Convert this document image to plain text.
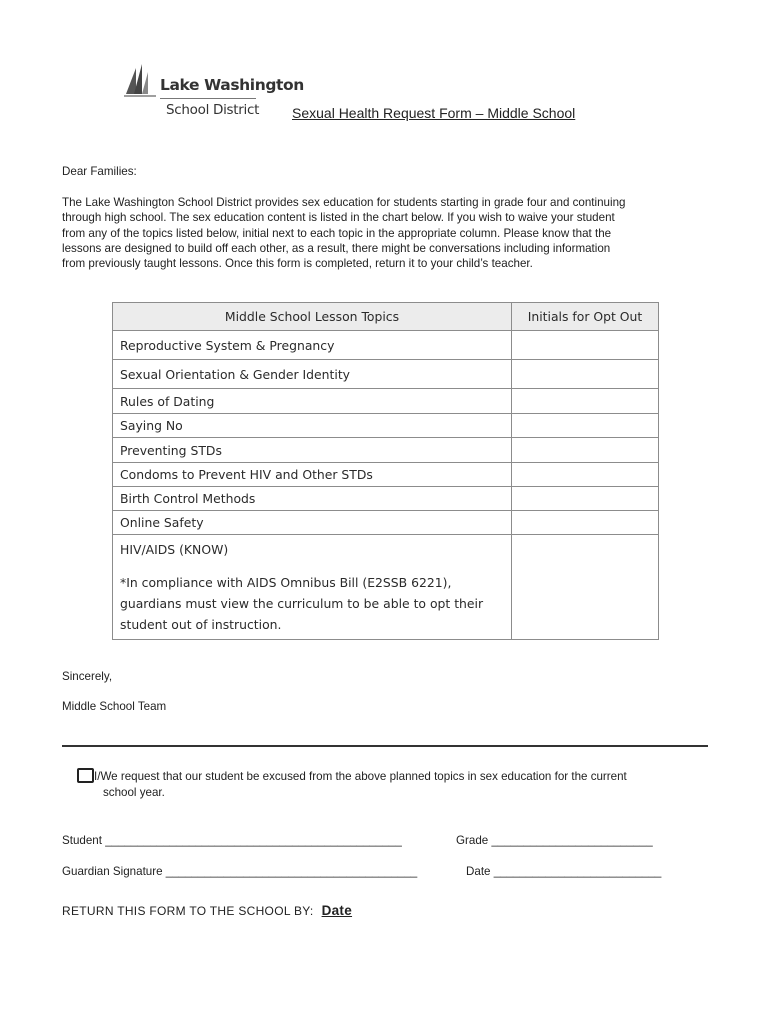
Lake Washington
School District Sexual Health Request Form – Middle School
Dear Families:
The Lake Washington School District provides sex education for students starting in grade four and continuing
through high school. The sex education content is listed in the chart below. If you wish to waive your student
from any of the topics listed below, initial next to each topic in the appropriate column. Please know that the
lessons are designed to build off each other, as a result, there might be conversations including information
from previously taught lessons. Once this form is completed, return it to your child’s teacher.
Middle School Lesson Topics	Initials for Opt Out
Reproductive System & Pregnancy	
Sexual Orientation & Gender Identity	
Rules of Dating	
Saying No	
Preventing STDs	
Condoms to Prevent HIV and Other STDs	
Birth Control Methods	
Online Safety	

HIV/AIDS (KNOW)
*In compliance with AIDS Omnibus Bill (E2SSB 6221), guardians must view the curriculum to be able to opt their student out of instruction.	

Sincerely,
Middle School Team
I/We request that our student be excused from the above planned topics in sex education for the current
school year.
Student ______________________________________________	Grade _________________________
Guardian Signature _______________________________________	Date __________________________
RETURN THIS FORM TO THE SCHOOL BY: Date
